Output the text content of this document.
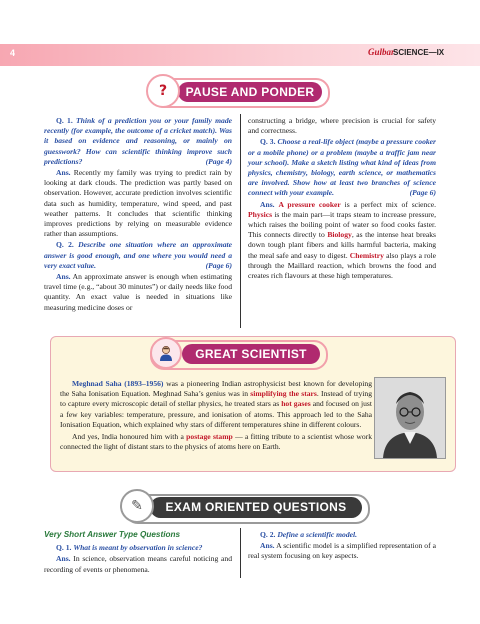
4	Gulbar
SCIENCE—IX
PAUSE AND PONDER
?

Q. 1. Think of a prediction you or your family made recently (for example, the outcome of a cricket match). Was it based on evidence and reasoning, or mainly on guesswork? How can scientific thinking improve such predictions?	(Page 4)

Ans. Recently my family was trying to predict rain by looking at dark clouds. The prediction was partly based on observation. However, accurate prediction involves scientific data such as humidity, temperature, wind speed, and past weather patterns. It concludes that scientific thinking improves predictions by relying on measurable evidence rather than assumptions.

Q. 2. Describe one situation where an approximate answer is good enough, and one where you would need a very exact value.	(Page 6)

Ans. An approximate answer is enough when estimating travel time (e.g., “about 30 minutes”) or daily needs like food quantity. An exact value is needed in situations like measuring medicine doses or

constructing a bridge, where precision is crucial for safety and correctness.

Q. 3. Choose a real-life object (maybe a pressure cooker or a mobile phone) or a problem (maybe a traffic jam near your school). Make a sketch listing what kind of ideas from physics, chemistry, biology, earth science, or mathematics are involved. Show how at least two branches of science connect with your example.	(Page 6)

Ans. A pressure cooker is a perfect mix of science. Physics is the main part—it traps steam to increase pressure, which raises the boiling point of water so food cooks faster. This connects directly to Biology, as the intense heat breaks down tough plant fibers and kills harmful bacteria, making the meal safe and easy to digest. Chemistry also plays a role through the Maillard reaction, which browns the food and creates rich flavours at these high temperatures.

GREAT SCIENTIST

Meghnad Saha (1893–1956) was a pioneering Indian astrophysicist best known for developing the Saha Ionisation Equation. Meghnad Saha’s genius was in simplifying the stars. Instead of trying to capture every microscopic detail of stellar physics, he treated stars as hot gases and focused on just a few key variables: temperature, pressure, and ionisation of atoms. This approach led to the Saha Ionisation Equation, which explained why stars of different temperatures shine in different colours.

And yes, India honoured him with a postage stamp — a fitting tribute to a scientist whose work connected the light of distant stars to the physics of atoms here on Earth.

EXAM ORIENTED QUESTIONS
✎

Very Short Answer Type Questions

Q. 1. What is meant by observation in science?

Ans. In science, observation means careful noticing and recording of events or phenomena.

Q. 2. Define a scientific model.

Ans. A scientific model is a simplified representation of a real system focusing on key aspects.
